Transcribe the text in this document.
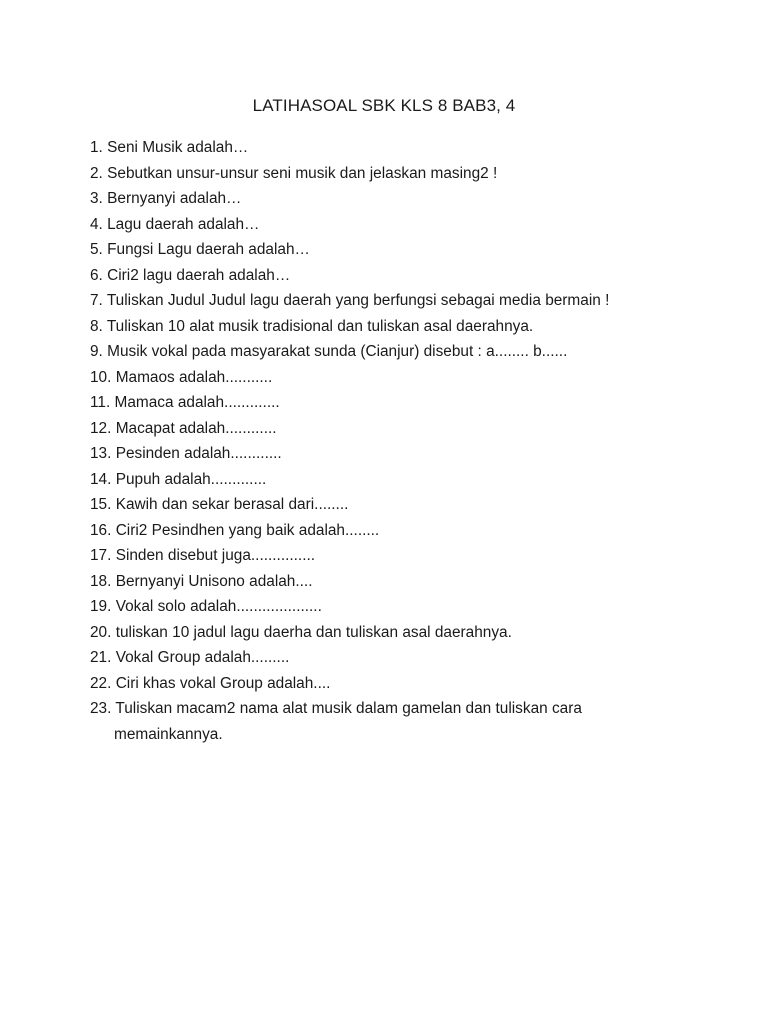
LATIHASOAL SBK KLS 8 BAB3, 4
1. Seni Musik adalah…
2. Sebutkan unsur-unsur seni musik dan jelaskan masing2 !
3. Bernyanyi adalah…
4. Lagu daerah adalah…
5. Fungsi Lagu daerah adalah…
6. Ciri2 lagu daerah adalah…
7. Tuliskan Judul Judul lagu daerah yang berfungsi sebagai media bermain !
8. Tuliskan 10 alat musik tradisional dan tuliskan asal daerahnya.
9. Musik vokal pada masyarakat sunda (Cianjur) disebut : a........ b......
10. Mamaos adalah...........
11. Mamaca adalah.............
12. Macapat adalah............
13. Pesinden adalah............
14. Pupuh adalah.............
15. Kawih dan sekar berasal dari........
16. Ciri2 Pesindhen yang baik adalah........
17. Sinden disebut juga...............
18. Bernyanyi Unisono adalah....
19. Vokal solo adalah....................
20. tuliskan 10 jadul lagu daerha dan tuliskan asal daerahnya.
21. Vokal Group adalah.........
22. Ciri khas vokal Group adalah....
23. Tuliskan macam2 nama alat musik dalam gamelan dan tuliskan cara
memainkannya.
